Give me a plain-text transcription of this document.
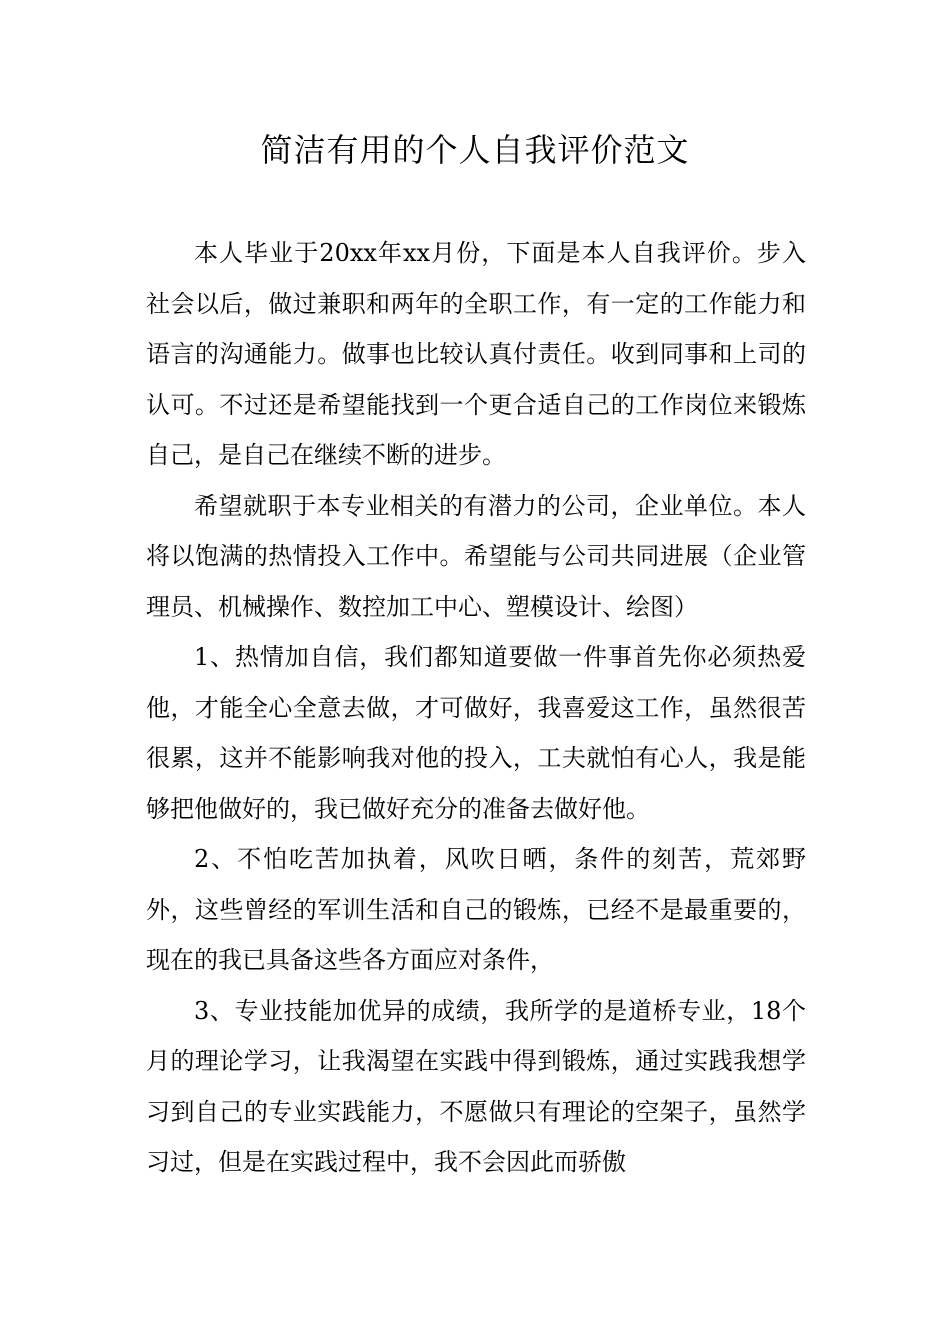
简洁有用的个人自我评价范文

本人毕业于20xx年xx月份，下面是本人自我评价。步入社会以后，做过兼职和两年的全职工作，有一定的工作能力和语言的沟通能力。做事也比较认真付责任。收到同事和上司的认可。不过还是希望能找到一个更合适自己的工作岗位来锻炼自己，是自己在继续不断的进步。

希望就职于本专业相关的有潜力的公司，企业单位。本人将以饱满的热情投入工作中。希望能与公司共同进展（企业管理员、机械操作、数控加工中心、塑模设计、绘图）

1、热情加自信，我们都知道要做一件事首先你必须热爱他，才能全心全意去做，才可做好，我喜爱这工作，虽然很苦很累，这并不能影响我对他的投入，工夫就怕有心人，我是能够把他做好的，我已做好充分的准备去做好他。

2、不怕吃苦加执着，风吹日晒，条件的刻苦，荒郊野外，这些曾经的军训生活和自己的锻炼，已经不是最重要的，现在的我已具备这些各方面应对条件，

3、专业技能加优异的成绩，我所学的是道桥专业，18个月的理论学习，让我渴望在实践中得到锻炼，通过实践我想学习到自己的专业实践能力，不愿做只有理论的空架子，虽然学习过，但是在实践过程中，我不会因此而骄傲
